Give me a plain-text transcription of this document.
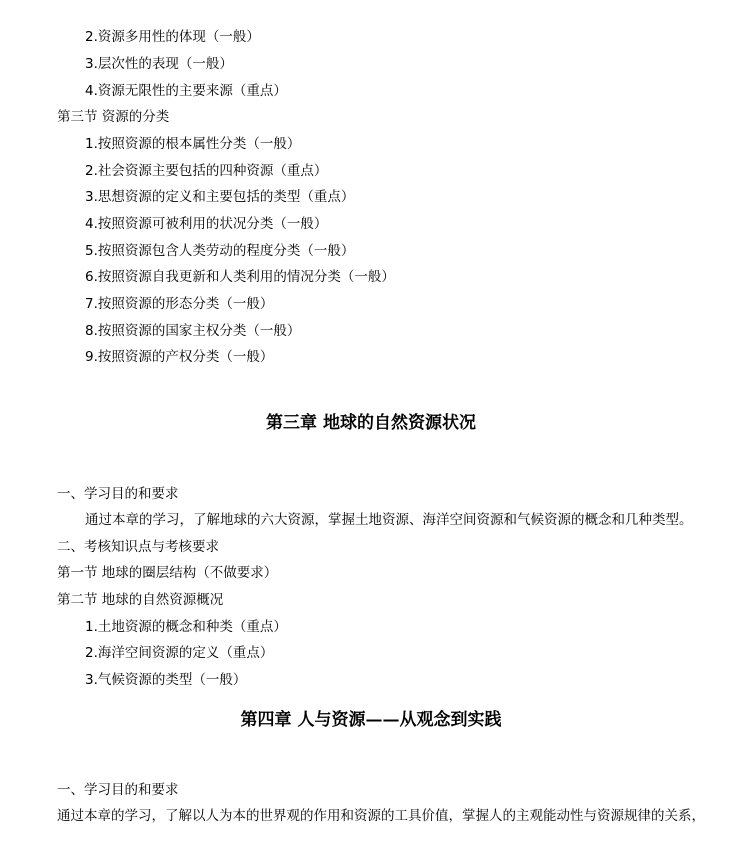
2.资源多用性的体现（一般）
3.层次性的表现（一般）
4.资源无限性的主要来源（重点）
第三节 资源的分类
1.按照资源的根本属性分类（一般）
2.社会资源主要包括的四种资源（重点）
3.思想资源的定义和主要包括的类型（重点）
4.按照资源可被利用的状况分类（一般）
5.按照资源包含人类劳动的程度分类（一般）
6.按照资源自我更新和人类利用的情况分类（一般）
7.按照资源的形态分类（一般）
8.按照资源的国家主权分类（一般）
9.按照资源的产权分类（一般）
第三章 地球的自然资源状况
一、学习目的和要求
通过本章的学习，了解地球的六大资源，掌握土地资源、海洋空间资源和气候资源的概念和几种类型。
二、考核知识点与考核要求
第一节 地球的圈层结构（不做要求）
第二节 地球的自然资源概况
1.土地资源的概念和种类（重点）
2.海洋空间资源的定义（重点）
3.气候资源的类型（一般）
第四章 人与资源——从观念到实践
一、学习目的和要求
通过本章的学习，了解以人为本的世界观的作用和资源的工具价值，掌握人的主观能动性与资源规律的关系，
